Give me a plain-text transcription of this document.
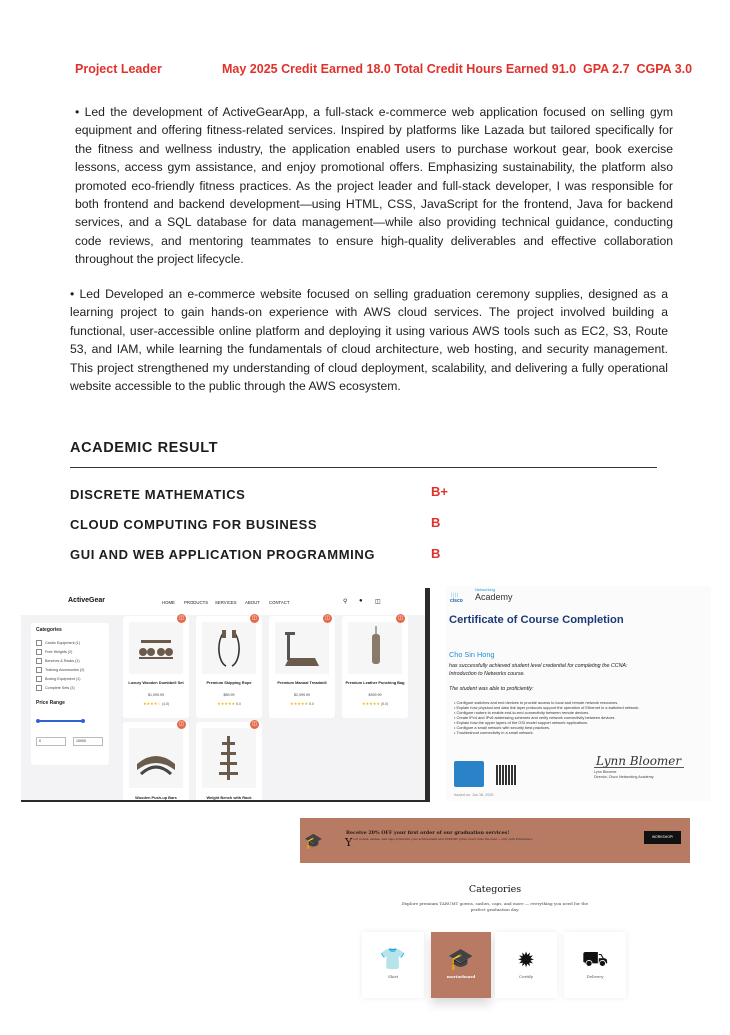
Project Leader	May 2025 Credit Earned 18.0 Total Credit Hours Earned 91.0  GPA 2.7  CGPA 3.0

• Led the development of ActiveGearApp, a full-stack e-commerce web application focused on selling gym equipment and offering fitness-related services. Inspired by platforms like Lazada but tailored specifically for the fitness and wellness industry, the application enabled users to purchase workout gear, book exercise lessons, access gym assistance, and enjoy promotional offers. Emphasizing sustainability, the platform also promoted eco-friendly fitness practices. As the project leader and full-stack developer, I was responsible for both frontend and backend development—using HTML, CSS, JavaScript for the frontend, Java for backend services, and a SQL database for data management—while also providing technical guidance, conducting code reviews, and mentoring teammates to ensure high-quality deliverables and effective collaboration throughout the project lifecycle.

• Led Developed an e-commerce website focused on selling graduation ceremony supplies, designed as a learning project to gain hands-on experience with AWS cloud services. The project involved building a functional, user-accessible online platform and deploying it using various AWS tools such as EC2, S3, Route 53, and IAM, while learning the fundamentals of cloud architecture, web hosting, and security management. This project strengthened my understanding of cloud deployment, scalability, and delivering a fully operational website accessible to the public through the AWS ecosystem.

ACADEMIC RESULT
DISCRETE MATHEMATICS	B+
CLOUD COMPUTING FOR BUSINESS	B
GUI AND WEB APPLICATION PROGRAMMING	B
ActiveGear	HOME PRODUCTS SERVICES ABOUT CONTACT	⚲ ● ◫
Categories
Cardio Equipment (1)
Free Weights (2)
Benches & Racks (1)
Training Accessories (2)
Boxing Equipment (1)
Complete Sets (3)
Price Range
0	10000
◫
Luxury Wooden Dumbbell Set
$1,099.99
★★★★☆ (4.5)
◫
Premium Skipping Rope
$89.99
★★★★★ 5.0
◫
Premium Manual Treadmill
$2,999.99
★★★★★ 5.0
◫
Premium Leather Punching Bag
$399.99
★★★★★ (5.0)
◫
Wooden Push-up Bars
◫
Weight Bench with Rack
││││
cisco
Networking
Academy
Certificate of Course Completion
Cho Sin Hong
has successfully achieved student level credential for completing the CCNA:
Introduction to Networks course.
The student was able to proficiently:
• Configure switches and end devices to provide access to local and remote network resources.
• Explain how physical and data link layer protocols support the operation of Ethernet in a switched network.
• Configure routers to enable end-to-end connectivity between remote devices.
• Create IPv4 and IPv6 addressing schemes and verify network connectivity between devices.
• Explain how the upper layers of the OSI model support network applications.
• Configure a small network with security best practices.
• Troubleshoot connectivity in a small network.
Lynn Bloomer
Lynn Bloomer
Director, Cisco Networking Academy
Issued on: Jun 18, 2025
🎓	Receive 20% OFF your first order of our graduation services!
Y our gowns, sashes, and caps symbolize your achievement and TARUMT pride. Don't miss the deal — only with Preference.	WORKSHOP!
Categories
Explore premium TARUMT gowns, sashes, caps, and more — everything you need for the perfect graduation day.
👕
Shirt
🎓
mortarboard
✹
Certify
⛟
Delivery
